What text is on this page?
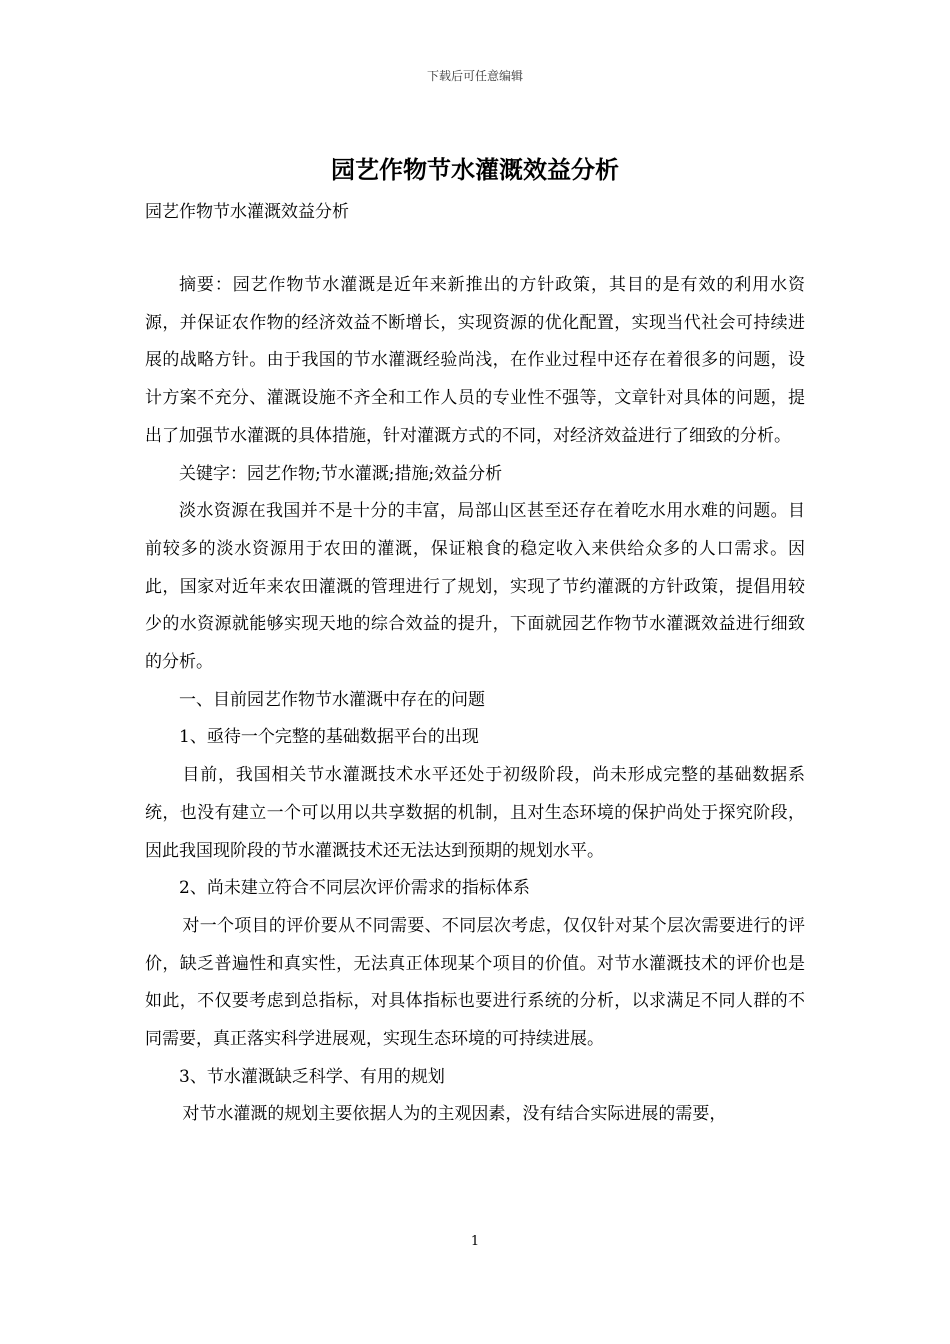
下载后可任意编辑
园艺作物节水灌溉效益分析
园艺作物节水灌溉效益分析

摘要：园艺作物节水灌溉是近年来新推出的方针政策，其目的是有效的利用水资源，并保证农作物的经济效益不断增长，实现资源的优化配置，实现当代社会可持续进展的战略方针。由于我国的节水灌溉经验尚浅，在作业过程中还存在着很多的问题，设计方案不充分、灌溉设施不齐全和工作人员的专业性不强等，文章针对具体的问题，提出了加强节水灌溉的具体措施，针对灌溉方式的不同，对经济效益进行了细致的分析。

关键字：园艺作物;节水灌溉;措施;效益分析

淡水资源在我国并不是十分的丰富，局部山区甚至还存在着吃水用水难的问题。目前较多的淡水资源用于农田的灌溉，保证粮食的稳定收入来供给众多的人口需求。因此，国家对近年来农田灌溉的管理进行了规划，实现了节约灌溉的方针政策，提倡用较少的水资源就能够实现天地的综合效益的提升，下面就园艺作物节水灌溉效益进行细致的分析。

一、目前园艺作物节水灌溉中存在的问题

1、亟待一个完整的基础数据平台的出现

目前，我国相关节水灌溉技术水平还处于初级阶段，尚未形成完整的基础数据系统，也没有建立一个可以用以共享数据的机制，且对生态环境的保护尚处于探究阶段，因此我国现阶段的节水灌溉技术还无法达到预期的规划水平。

2、尚未建立符合不同层次评价需求的指标体系

对一个项目的评价要从不同需要、不同层次考虑，仅仅针对某个层次需要进行的评价，缺乏普遍性和真实性，无法真正体现某个项目的价值。对节水灌溉技术的评价也是如此，不仅要考虑到总指标，对具体指标也要进行系统的分析，以求满足不同人群的不同需要，真正落实科学进展观，实现生态环境的可持续进展。

3、节水灌溉缺乏科学、有用的规划

对节水灌溉的规划主要依据人为的主观因素，没有结合实际进展的需要，

1
